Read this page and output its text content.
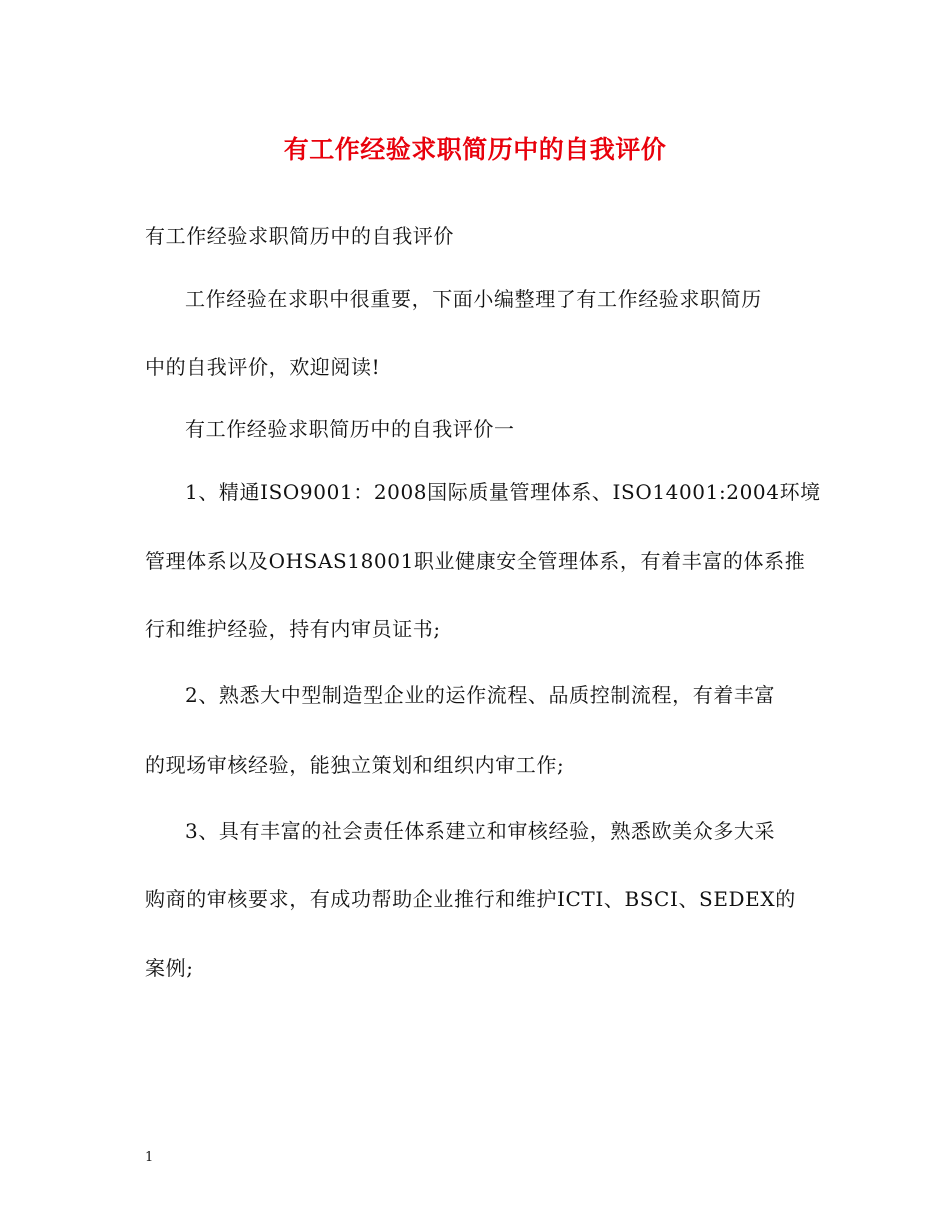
有工作经验求职简历中的自我评价

有工作经验求职简历中的自我评价

工作经验在求职中很重要，下面小编整理了有工作经验求职简历

中的自我评价，欢迎阅读!

有工作经验求职简历中的自我评价一

1、精通ISO9001：2008国际质量管理体系、ISO14001:2004环境

管理体系以及OHSAS18001职业健康安全管理体系，有着丰富的体系推

行和维护经验，持有内审员证书;

2、熟悉大中型制造型企业的运作流程、品质控制流程，有着丰富

的现场审核经验，能独立策划和组织内审工作;

3、具有丰富的社会责任体系建立和审核经验，熟悉欧美众多大采

购商的审核要求，有成功帮助企业推行和维护ICTI、BSCI、SEDEX的

案例;

1
